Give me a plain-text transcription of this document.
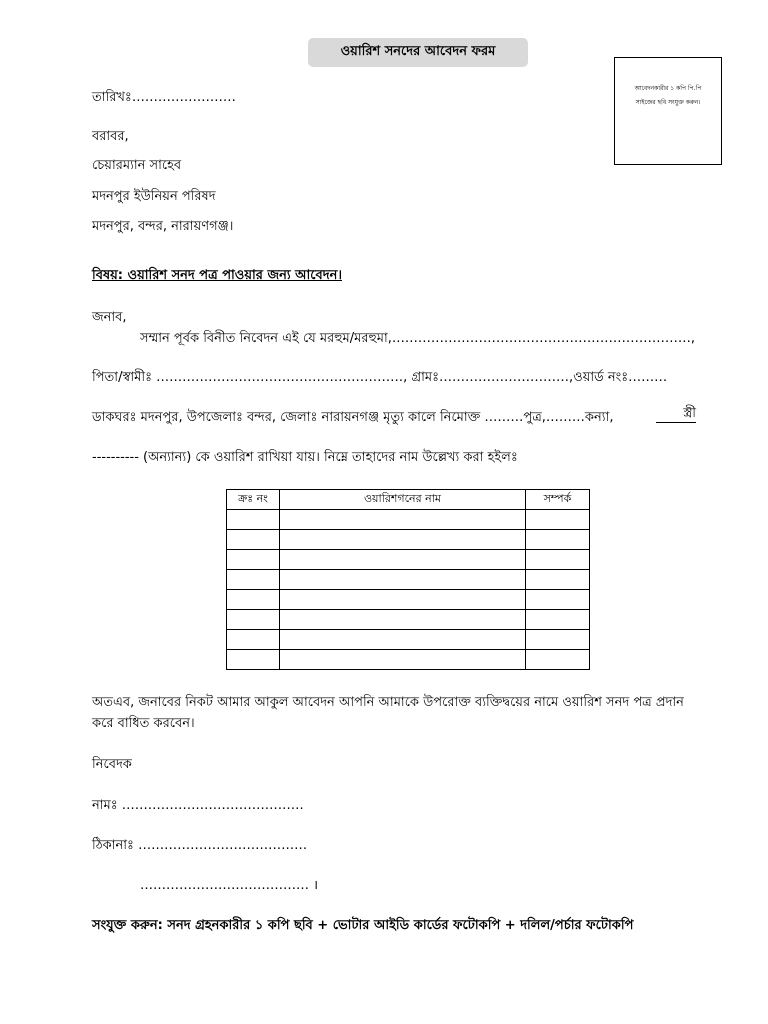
ওয়ারিশ সনদের আবেদন ফরম
আবেদনকারীর ১ কপি পি.পি
সাইজের ছবি সংযুক্ত করুন।
তারিখঃ……………………
বরাবর,
চেয়ারম্যান সাহেব
মদনপুর ইউনিয়ন পরিষদ
মদনপুর, বন্দর, নারায়ণগঞ্জ।
বিষয়: ওয়ারিশ সনদ পত্র পাওয়ার জন্য আবেদন।
জনাব,
সম্মান পূর্বক বিনীত নিবেদন এই যে মরহুম/মরহুমা,……………………………………………………………,
পিতা/স্বামীঃ …………………………………………………, গ্রামঃ…………………………,ওয়ার্ড নংঃ………
ডাকঘরঃ মদনপুর, উপজেলাঃ বন্দর, জেলাঃ নারায়নগঞ্জ মৃত্যু কালে নিমোক্ত ………পুত্র,………কন্যা,	স্ত্রী
---------- (অন্যান্য) কে ওয়ারিশ রাখিয়া যায়। নিম্নে তাহাদের নাম উল্লেখ্য করা হইলঃ
ক্রঃ নং	ওয়ারিশগনের নাম	সম্পর্ক

অতএব, জনাবের নিকট আমার আকুল আবেদন আপনি আমাকে উপরোক্ত ব্যক্তিদ্বয়ের নামে ওয়ারিশ সনদ পত্র প্রদান
করে বাধিত করবেন।
নিবেদক
নামঃ ……………………………………
ঠিকানাঃ …………………………………
………………………………… ।
সংযুক্ত করুন: সনদ গ্রহনকারীর ১ কপি ছবি + ভোটার আইডি কার্ডের ফটোকপি + দলিল/পর্চার ফটোকপি
